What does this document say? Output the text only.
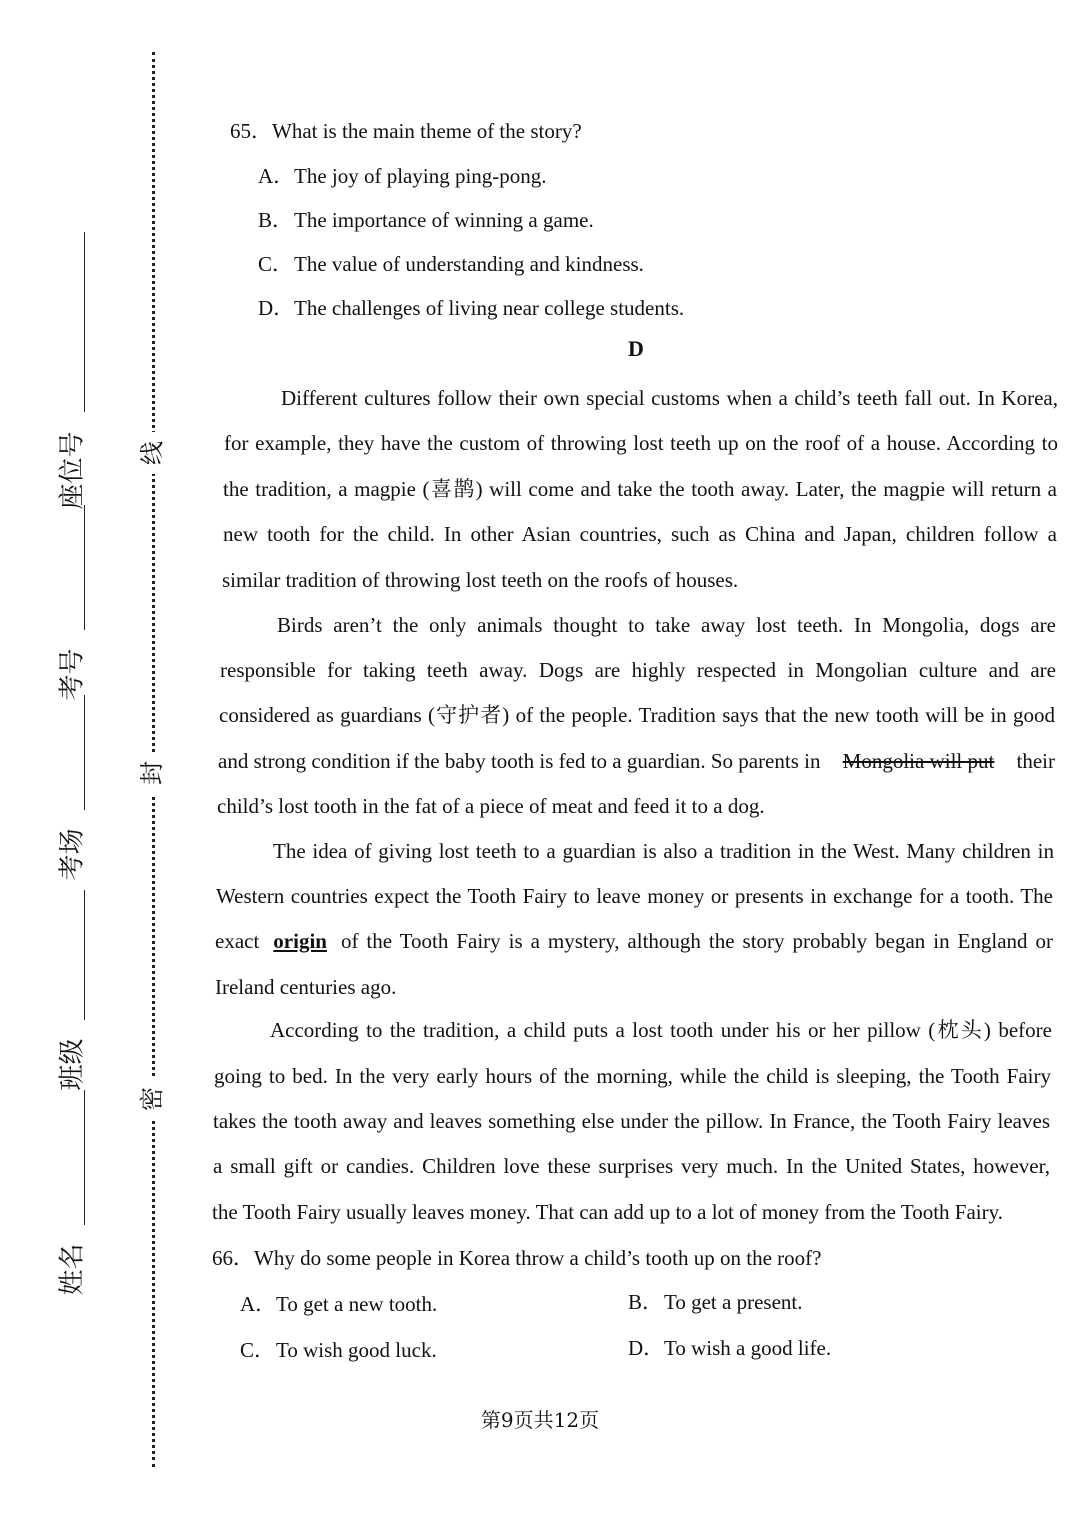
线
封
密
座位号
考号
考场
班级
姓名
65．What is the main theme of the story?
A．The joy of playing ping-pong.
B．The importance of winning a game.
C．The value of understanding and kindness.
D．The challenges of living near college students.
D
Different cultures follow their own special customs when a child’s teeth fall out. In Korea,
for example, they have the custom of throwing lost teeth up on the roof of a house. According to
the tradition, a magpie (喜鹊) will come and take the tooth away. Later, the magpie will return a
new tooth for the child. In other Asian countries, such as China and Japan, children follow a
similar tradition of throwing lost teeth on the roofs of houses.
Birds aren’t the only animals thought to take away lost teeth. In Mongolia, dogs are
responsible for taking teeth away. Dogs are highly respected in Mongolian culture and are
considered as guardians (守护者) of the people. Tradition says that the new tooth will be in good
and strong condition if the baby tooth is fed to a guardian. So parents in Mongolia will put their
child’s lost tooth in the fat of a piece of meat and feed it to a dog.
The idea of giving lost teeth to a guardian is also a tradition in the West. Many children in
Western countries expect the Tooth Fairy to leave money or presents in exchange for a tooth. The
exact origin of the Tooth Fairy is a mystery, although the story probably began in England or
Ireland centuries ago.
According to the tradition, a child puts a lost tooth under his or her pillow (枕头) before
going to bed. In the very early hours of the morning, while the child is sleeping, the Tooth Fairy
takes the tooth away and leaves something else under the pillow. In France, the Tooth Fairy leaves
a small gift or candies. Children love these surprises very much. In the United States, however,
the Tooth Fairy usually leaves money. That can add up to a lot of money from the Tooth Fairy.
66．Why do some people in Korea throw a child’s tooth up on the roof?
A．To get a new tooth.	B．To get a present.
C．To wish good luck.	D．To wish a good life.
第9页共12页
